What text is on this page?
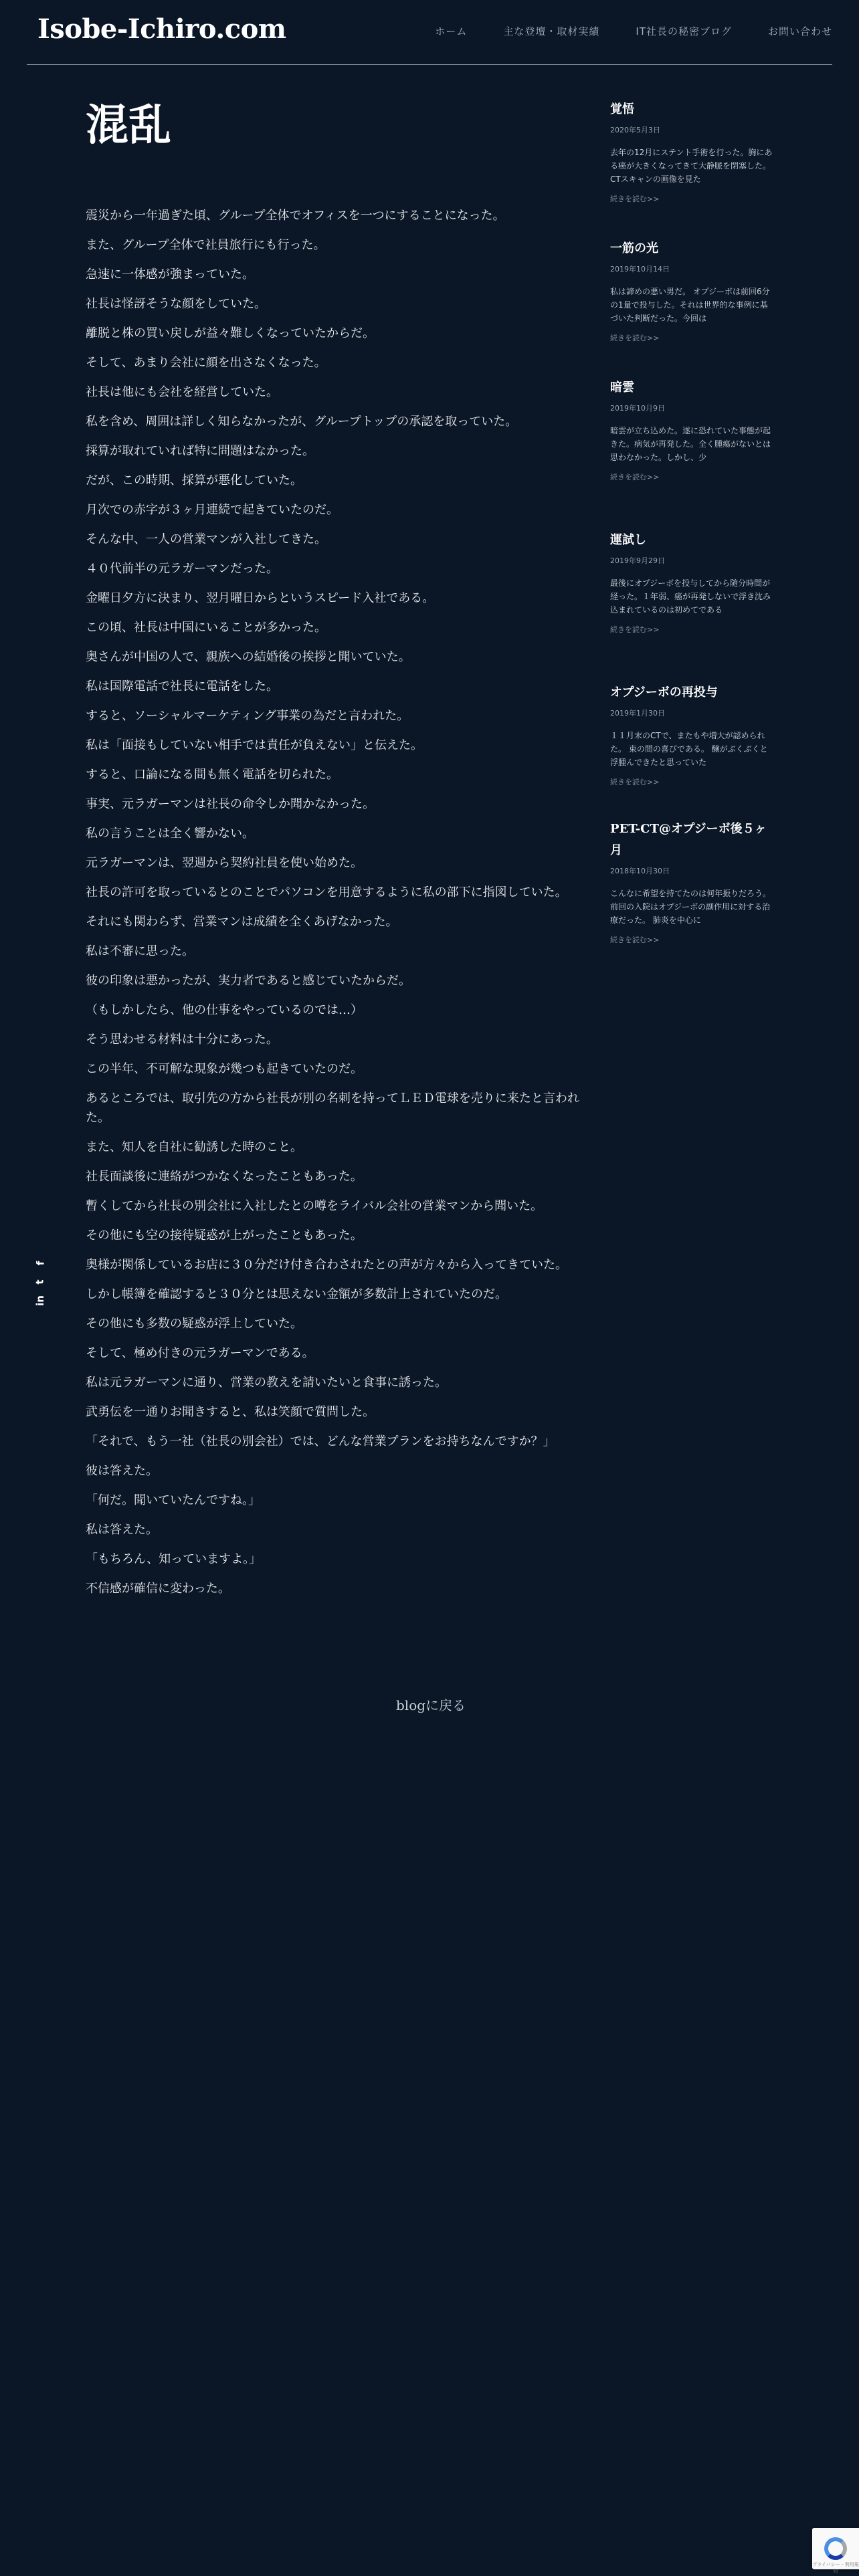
Isobe-Ichiro.com	ホーム	主な登壇・取材実績	IT社長の秘密ブログ	お問い合わせ
混乱

震災から一年過ぎた頃、グループ全体でオフィスを一つにすることになった。

また、グループ全体で社員旅行にも行った。

急速に一体感が強まっていた。

社長は怪訝そうな顔をしていた。

離脱と株の買い戻しが益々難しくなっていたからだ。

そして、あまり会社に顔を出さなくなった。

社長は他にも会社を経営していた。

私を含め、周囲は詳しく知らなかったが、グループトップの承認を取っていた。

採算が取れていれば特に問題はなかった。

だが、この時期、採算が悪化していた。

月次での赤字が３ヶ月連続で起きていたのだ。

そんな中、一人の営業マンが入社してきた。

４０代前半の元ラガーマンだった。

金曜日夕方に決まり、翌月曜日からというスピード入社である。

この頃、社長は中国にいることが多かった。

奥さんが中国の人で、親族への結婚後の挨拶と聞いていた。

私は国際電話で社長に電話をした。

すると、ソーシャルマーケティング事業の為だと言われた。

私は「面接もしていない相手では責任が負えない」と伝えた。

すると、口論になる間も無く電話を切られた。

事実、元ラガーマンは社長の命令しか聞かなかった。

私の言うことは全く響かない。

元ラガーマンは、翌週から契約社員を使い始めた。

社長の許可を取っているとのことでパソコンを用意するように私の部下に指図していた。

それにも関わらず、営業マンは成績を全くあげなかった。

私は不審に思った。

彼の印象は悪かったが、実力者であると感じていたからだ。

（もしかしたら、他の仕事をやっているのでは…）

そう思わせる材料は十分にあった。

この半年、不可解な現象が幾つも起きていたのだ。

あるところでは、取引先の方から社長が別の名刺を持ってＬＥＤ電球を売りに来たと言われた。

また、知人を自社に勧誘した時のこと。

社長面談後に連絡がつかなくなったこともあった。

暫くしてから社長の別会社に入社したとの噂をライバル会社の営業マンから聞いた。

その他にも空の接待疑惑が上がったこともあった。

奥様が関係しているお店に３０分だけ付き合わされたとの声が方々から入ってきていた。

しかし帳簿を確認すると３０分とは思えない金額が多数計上されていたのだ。

その他にも多数の疑惑が浮上していた。

そして、極め付きの元ラガーマンである。

私は元ラガーマンに通り、営業の教えを請いたいと食事に誘った。

武勇伝を一通りお聞きすると、私は笑顔で質問した。

「それで、もう一社（社長の別会社）では、どんな営業プランをお持ちなんですか？」

彼は答えた。

「何だ。聞いていたんですね。」

私は答えた。

「もちろん、知っていますよ。」

不信感が確信に変わった。

blogに戻る
覚悟
2020年5月3日
去年の12月にステント手術を行った。胸にある癌が大きくなってきて大静脈を閉塞した。CTスキャンの画像を見た
続きを読む>>
一筋の光
2019年10月14日
私は諦めの悪い男だ。 オプジーボは前回6分の1量で投与した。それは世界的な事例に基づいた判断だった。今回は
続きを読む>>
暗雲
2019年10月9日
暗雲が立ち込めた。遂に恐れていた事態が起きた。病気が再発した。全く腫瘍がないとは思わなかった。しかし、少
続きを読む>>
運試し
2019年9月29日
最後にオプジーボを投与してから随分時間が経った。１年弱、癌が再発しないで浮き沈み込まれているのは初めてである
続きを読む>>
オプジーボの再投与
2019年1月30日
１１月末のCTで、またもや増大が認められた。 束の間の喜びである。 醸がぶくぶくと浮腫んできたと思っていた
続きを読む>>
PET-CT@オプジーボ後５ヶ月
2018年10月30日
こんなに希望を持てたのは何年振りだろう。 前回の入院はオプジーボの副作用に対する治療だった。 肺炎を中心に
続きを読む>>
f
t
in
プライバシー - 利用規約
